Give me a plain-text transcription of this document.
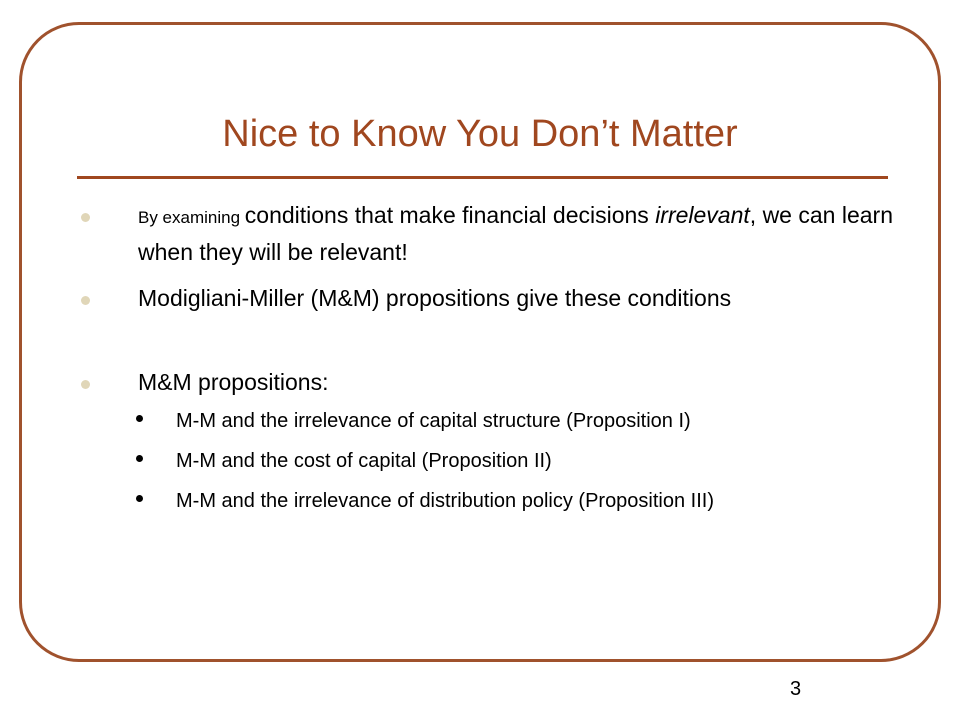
Nice to Know You Don’t Matter
By examining conditions that make financial decisions irrelevant, we can learn when they will be relevant!
Modigliani-Miller (M&M) propositions give these conditions
M&M propositions:
M-M and the irrelevance of capital structure (Proposition I)
M-M and the cost of capital (Proposition II)
M-M and the irrelevance of distribution policy (Proposition III)
3
